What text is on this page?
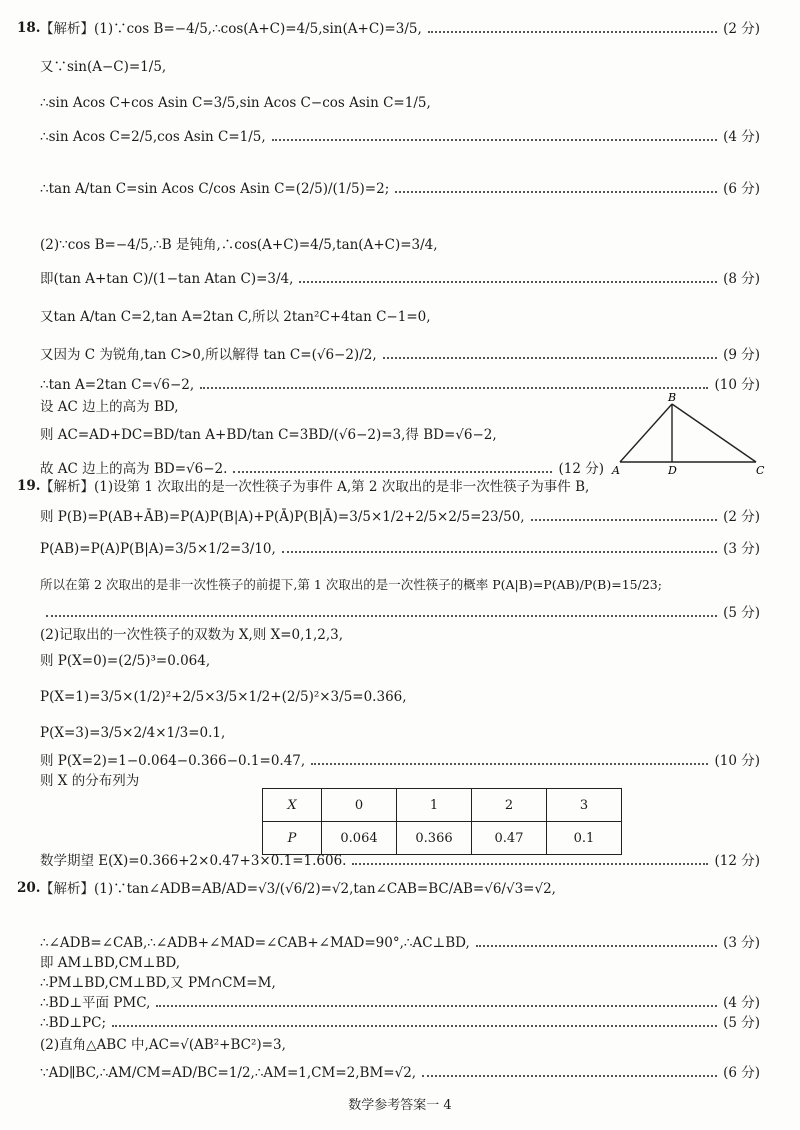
18. 【解析】(1)∵cos B=−4/5,∴cos(A+C)=4/5,sin(A+C)=3/5,	(2 分)
又∵sin(A−C)=1/5,
∴sin Acos C+cos Asin C=3/5,sin Acos C−cos Asin C=1/5,
∴sin Acos C=2/5,cos Asin C=1/5,	(4 分)
∴tan A/tan C=sin Acos C/cos Asin C=(2/5)/(1/5)=2;	(6 分)
(2)∵cos B=−4/5,∴B 是钝角,∴cos(A+C)=4/5,tan(A+C)=3/4,
即(tan A+tan C)/(1−tan Atan C)=3/4,	(8 分)
又tan A/tan C=2,tan A=2tan C,所以 2tan²C+4tan C−1=0,
又因为 C 为锐角,tan C>0,所以解得 tan C=(√6−2)/2,	(9 分)
∴tan A=2tan C=√6−2,	(10 分)
设 AC 边上的高为 BD,
则 AC=AD+DC=BD/tan A+BD/tan C=3BD/(√6−2)=3,得 BD=√6−2,
故 AC 边上的高为 BD=√6−2.	(12 分)
B
A	D	C
19. 【解析】(1)设第 1 次取出的是一次性筷子为事件 A,第 2 次取出的是非一次性筷子为事件 B,
则 P(B)=P(AB+ĀB)=P(A)P(B|A)+P(Ā)P(B|Ā)=3/5×1/2+2/5×2/5=23/50,	(2 分)
P(AB)=P(A)P(B|A)=3/5×1/2=3/10,	(3 分)
所以在第 2 次取出的是非一次性筷子的前提下,第 1 次取出的是一次性筷子的概率 P(A|B)=P(AB)/P(B)=15/23;
(5 分)
(2)记取出的一次性筷子的双数为 X,则 X=0,1,2,3,
则 P(X=0)=(2/5)³=0.064,
P(X=1)=3/5×(1/2)²+2/5×3/5×1/2+(2/5)²×3/5=0.366,
P(X=3)=3/5×2/4×1/3=0.1,
则 P(X=2)=1−0.064−0.366−0.1=0.47,	(10 分)
则 X 的分布列为
X	0	1	2	3
P	0.064	0.366	0.47	0.1
数学期望 E(X)=0.366+2×0.47+3×0.1=1.606.	(12 分)
20. 【解析】(1)∵tan∠ADB=AB/AD=√3/(√6/2)=√2,tan∠CAB=BC/AB=√6/√3=√2,
∴∠ADB=∠CAB,∴∠ADB+∠MAD=∠CAB+∠MAD=90°,∴AC⊥BD,	(3 分)
即 AM⊥BD,CM⊥BD,
∴PM⊥BD,CM⊥BD,又 PM∩CM=M,
∴BD⊥平面 PMC,	(4 分)
∴BD⊥PC;	(5 分)
(2)直角△ABC 中,AC=√(AB²+BC²)=3,
∵AD∥BC,∴AM/CM=AD/BC=1/2,∴AM=1,CM=2,BM=√2,	(6 分)
数学参考答案一 4
